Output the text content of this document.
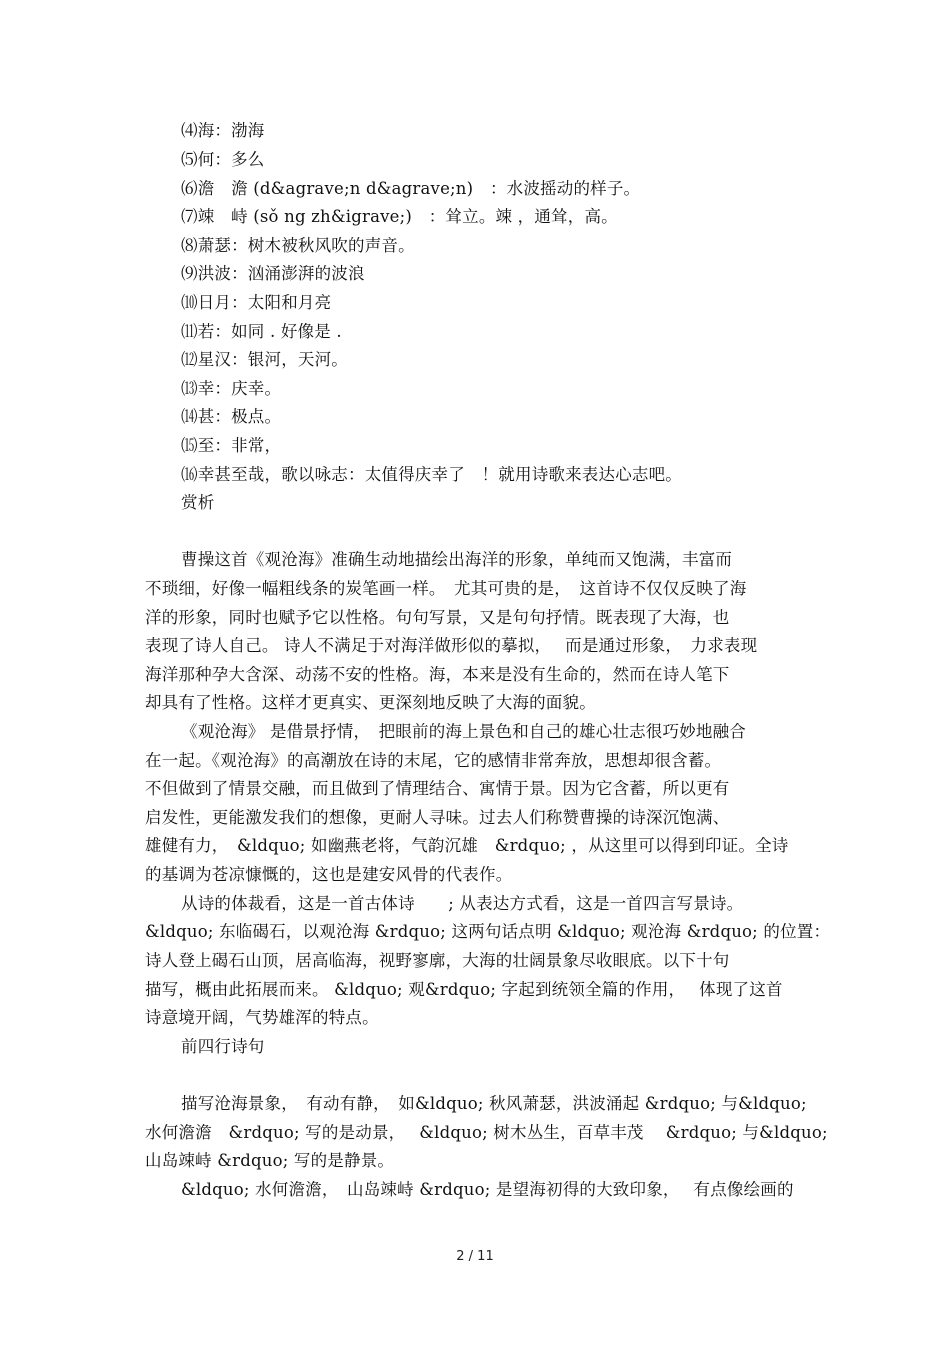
⑷海：渤海
⑸何：多么
⑹澹　澹 (d&agrave;n d&agrave;n)　：水波摇动的样子。
⑺竦　峙 (sǒ ng zh&igrave;)　：耸立。竦 ，通耸，高。
⑻萧瑟：树木被秋风吹的声音。
⑼洪波：汹涌澎湃的波浪
⑽日月：太阳和月亮
⑾若：如同 . 好像是 .
⑿星汉：银河，天河。
⒀幸：庆幸。
⒁甚：极点。
⒂至：非常，
⒃幸甚至哉，歌以咏志：太值得庆幸了　！就用诗歌来表达心志吧。
赏析
曹操这首《观沧海》准确生动地描绘出海洋的形象，单纯而又饱满，丰富而
不琐细，好像一幅粗线条的炭笔画一样。　尤其可贵的是，　这首诗不仅仅反映了海
洋的形象，同时也赋予它以性格。句句写景，又是句句抒情。既表现了大海，也
表现了诗人自己。 诗人不满足于对海洋做形似的摹拟，　 而是通过形象，　力求表现
海洋那种孕大含深、动荡不安的性格。海，本来是没有生命的，然而在诗人笔下
却具有了性格。这样才更真实、更深刻地反映了大海的面貌。
《观沧海》 是借景抒情，　把眼前的海上景色和自己的雄心壮志很巧妙地融合
在一起。《观沧海》的高潮放在诗的末尾，它的感情非常奔放，思想却很含蓄。
不但做到了情景交融，而且做到了情理结合、寓情于景。因为它含蓄，所以更有
启发性，更能激发我们的想像，更耐人寻味。过去人们称赞曹操的诗深沉饱满、
雄健有力，　&ldquo; 如幽燕老将，气韵沉雄　&rdquo; ，从这里可以得到印证。全诗
的基调为苍凉慷慨的，这也是建安风骨的代表作。
从诗的体裁看，这是一首古体诗　　; 从表达方式看，这是一首四言写景诗。
&ldquo; 东临碣石，以观沧海 &rdquo; 这两句话点明 &ldquo; 观沧海 &rdquo; 的位置：
诗人登上碣石山顶，居高临海，视野寥廓，大海的壮阔景象尽收眼底。以下十句
描写，概由此拓展而来。 &ldquo; 观&rdquo; 字起到统领全篇的作用，　 体现了这首
诗意境开阔，气势雄浑的特点。
前四行诗句
描写沧海景象，　有动有静，　如&ldquo; 秋风萧瑟，洪波涌起 &rdquo; 与&ldquo;
水何澹澹　&rdquo; 写的是动景，　 &ldquo; 树木丛生，百草丰茂　 &rdquo; 与&ldquo;
山岛竦峙 &rdquo; 写的是静景。
&ldquo; 水何澹澹，　山岛竦峙 &rdquo; 是望海初得的大致印象，　 有点像绘画的
2 / 11
